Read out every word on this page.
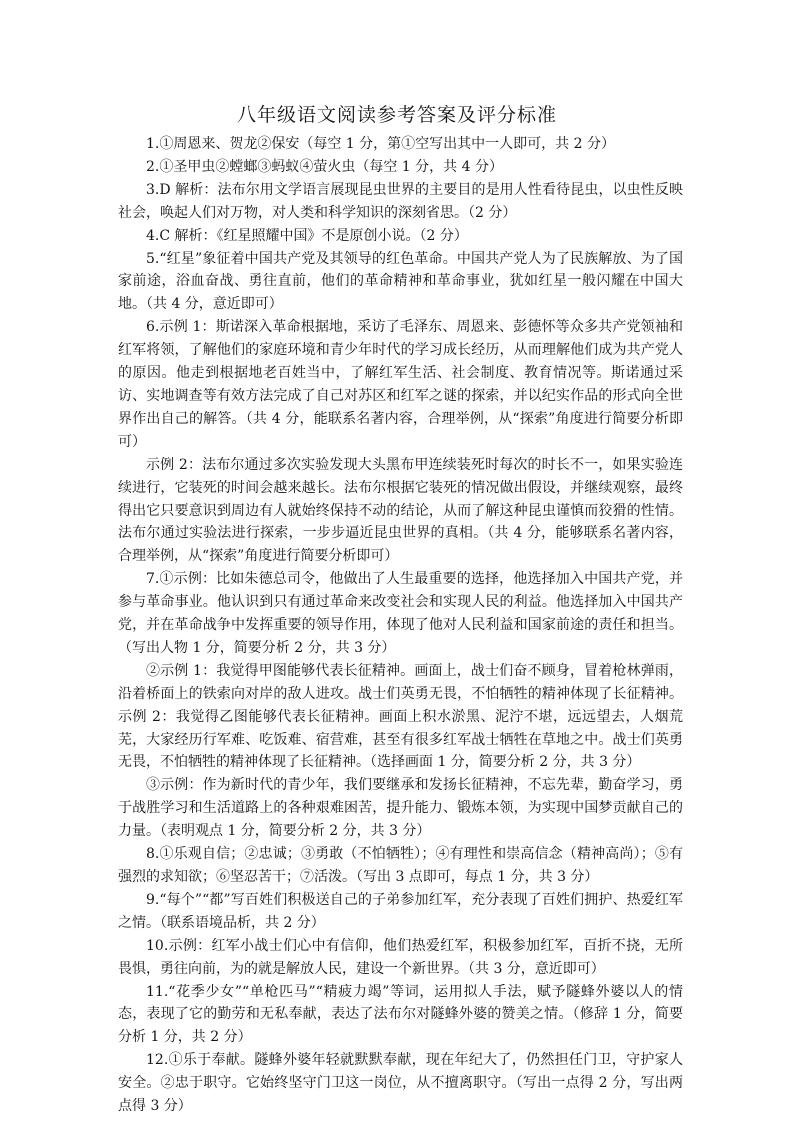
八年级语文阅读参考答案及评分标准

1.①周恩来、贺龙②保安（每空 1 分，第①空写出其中一人即可，共 2 分）

2.①圣甲虫②螳螂③蚂蚁④萤火虫（每空 1 分，共 4 分）

3.D 解析：法布尔用文学语言展现昆虫世界的主要目的是用人性看待昆虫，以虫性反映社会，唤起人们对万物，对人类和科学知识的深刻省思。（2 分）

4.C 解析：《红星照耀中国》不是原创小说。（2 分）

5.“红星”象征着中国共产党及其领导的红色革命。中国共产党人为了民族解放、为了国家前途，浴血奋战、勇往直前，他们的革命精神和革命事业，犹如红星一般闪耀在中国大地。（共 4 分，意近即可）

6.示例 1：斯诺深入革命根据地，采访了毛泽东、周恩来、彭德怀等众多共产党领袖和红军将领，了解他们的家庭环境和青少年时代的学习成长经历，从而理解他们成为共产党人的原因。他走到根据地老百姓当中，了解红军生活、社会制度、教育情况等。斯诺通过采访、实地调查等有效方法完成了自己对苏区和红军之谜的探索，并以纪实作品的形式向全世界作出自己的解答。（共 4 分，能联系名著内容，合理举例，从“探索”角度进行简要分析即可）

示例 2：法布尔通过多次实验发现大头黑布甲连续装死时每次的时长不一，如果实验连续进行，它装死的时间会越来越长。法布尔根据它装死的情况做出假设，并继续观察，最终得出它只要意识到周边有人就始终保持不动的结论，从而了解这种昆虫谨慎而狡猾的性情。法布尔通过实验法进行探索，一步步逼近昆虫世界的真相。（共 4 分，能够联系名著内容，合理举例，从“探索”角度进行简要分析即可）

7.①示例：比如朱德总司令，他做出了人生最重要的选择，他选择加入中国共产党，并参与革命事业。他认识到只有通过革命来改变社会和实现人民的利益。他选择加入中国共产党，并在革命战争中发挥重要的领导作用，体现了他对人民利益和国家前途的责任和担当。（写出人物 1 分，简要分析 2 分，共 3 分）

②示例 1：我觉得甲图能够代表长征精神。画面上，战士们奋不顾身，冒着枪林弹雨，沿着桥面上的铁索向对岸的敌人进攻。战士们英勇无畏，不怕牺牲的精神体现了长征精神。示例 2：我觉得乙图能够代表长征精神。画面上积水淤黑、泥泞不堪，远远望去，人烟荒芜，大家经历行军难、吃饭难、宿营难，甚至有很多红军战士牺牲在草地之中。战士们英勇无畏，不怕牺牲的精神体现了长征精神。（选择画面 1 分，简要分析 2 分，共 3 分）

③示例：作为新时代的青少年，我们要继承和发扬长征精神，不忘先辈，勤奋学习，勇于战胜学习和生活道路上的各种艰难困苦，提升能力、锻炼本领，为实现中国梦贡献自己的力量。（表明观点 1 分，简要分析 2 分，共 3 分）

8.①乐观自信；②忠诚；③勇敢（不怕牺牲）；④有理性和崇高信念（精神高尚）；⑤有强烈的求知欲；⑥坚忍苦干；⑦活泼。（写出 3 点即可，每点 1 分，共 3 分）

9.“每个”“都”写百姓们积极送自己的子弟参加红军，充分表现了百姓们拥护、热爱红军之情。（联系语境品析，共 2 分）

10.示例：红军小战士们心中有信仰，他们热爱红军，积极参加红军，百折不挠，无所畏惧，勇往向前，为的就是解放人民，建设一个新世界。（共 3 分，意近即可）

11.“花季少女”“单枪匹马”“精疲力竭”等词，运用拟人手法，赋予隧蜂外婆以人的情态，表现了它的勤劳和无私奉献，表达了法布尔对隧蜂外婆的赞美之情。（修辞 1 分，简要分析 1 分，共 2 分）

12.①乐于奉献。隧蜂外婆年轻就默默奉献，现在年纪大了，仍然担任门卫，守护家人安全。②忠于职守。它始终坚守门卫这一岗位，从不擅离职守。（写出一点得 2 分，写出两点得 3 分）
